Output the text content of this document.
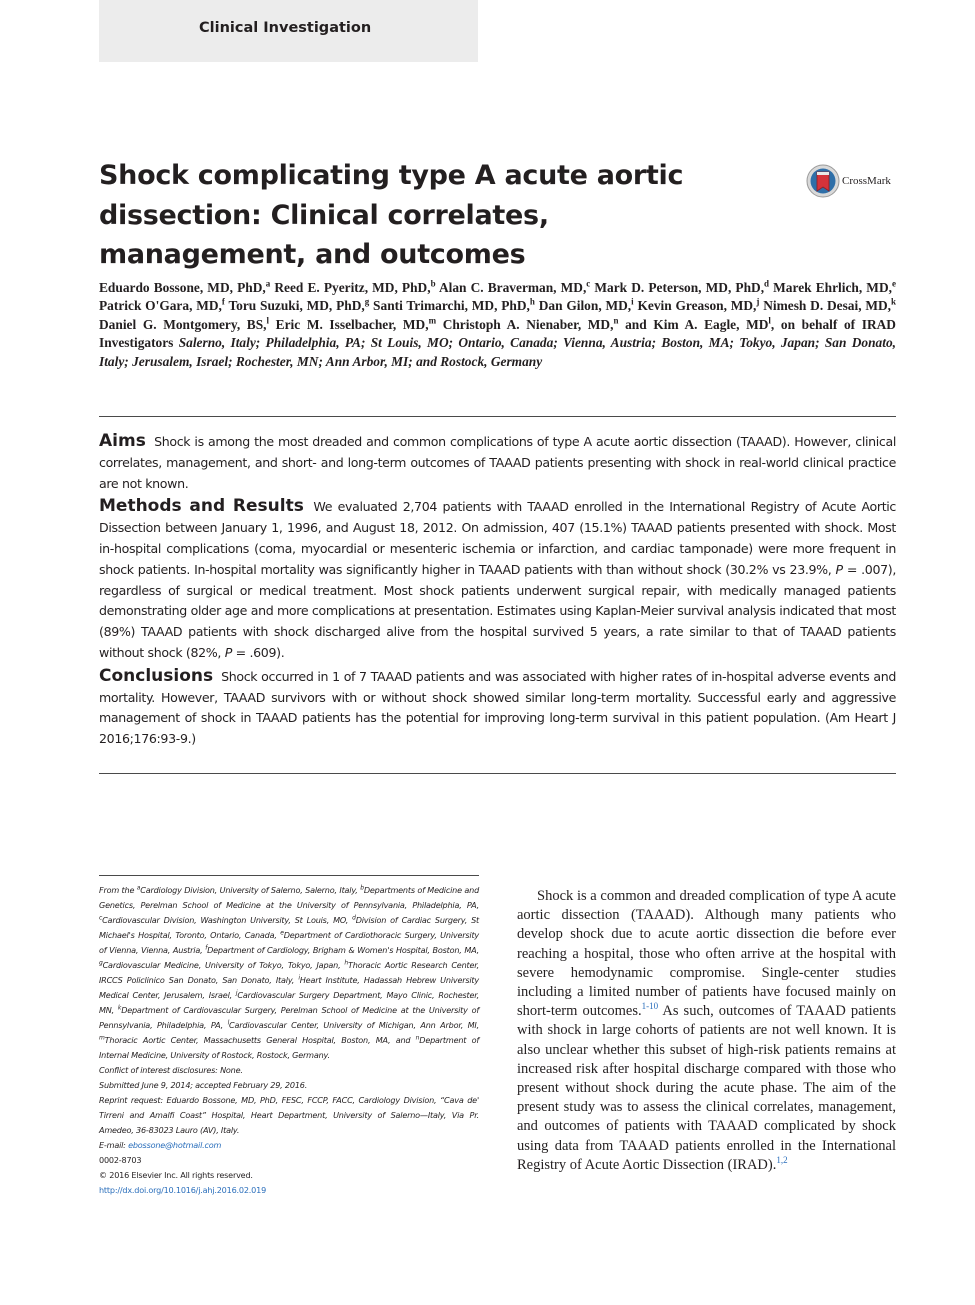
Clinical Investigation
Shock complicating type A acute aortic dissection: Clinical correlates, management, and outcomes
CrossMark

Eduardo Bossone, MD, PhD,$^a$ Reed E. Pyeritz, MD, PhD,$^b$ Alan C. Braverman, MD,$^c$ Mark D. Peterson, MD, PhD,$^d$ Marek Ehrlich, MD,$^e$ Patrick O'Gara, MD,$^f$ Toru Suzuki, MD, PhD,$^g$ Santi Trimarchi, MD, PhD,$^h$ Dan Gilon, MD,$^i$ Kevin Greason, MD,$^j$ Nimesh D. Desai, MD,$^k$ Daniel G. Montgomery, BS,$^l$ Eric M. Isselbacher, MD,$^m$ Christoph A. Nienaber, MD,$^n$ and Kim A. Eagle, $MD^l$, on behalf of IRAD Investigators Salerno, Italy; Philadelphia, PA; St Louis, MO; Ontario, Canada; Vienna, Austria; Boston, MA; Tokyo, Japan; San Donato, Italy; Jerusalem, Israel; Rochester, MN; Ann Arbor, MI; and Rostock, Germany

Aims Shock is among the most dreaded and common complications of type A acute aortic dissection (TAAAD). However, clinical correlates, management, and short- and long-term outcomes of TAAAD patients presenting with shock in real-world clinical practice are not known.

Methods and Results We evaluated 2,704 patients with TAAAD enrolled in the International Registry of Acute Aortic Dissection between January 1, 1996, and August 18, 2012. On admission, 407 (15.1%) TAAAD patients presented with shock. Most in-hospital complications (coma, myocardial or mesenteric ischemia or infarction, and cardiac tamponade) were more frequent in shock patients. In-hospital mortality was significantly higher in TAAAD patients with than without shock (30.2% vs 23.9%, P = .007), regardless of surgical or medical treatment. Most shock patients underwent surgical repair, with medically managed patients demonstrating older age and more complications at presentation. Estimates using Kaplan-Meier survival analysis indicated that most (89%) TAAAD patients with shock discharged alive from the hospital survived 5 years, a rate similar to that of TAAAD patients without shock (82%, P = .609).

Conclusions Shock occurred in 1 of 7 TAAAD patients and was associated with higher rates of in-hospital adverse events and mortality. However, TAAAD survivors with or without shock showed similar long-term mortality. Successful early and aggressive management of shock in TAAAD patients has the potential for improving long-term survival in this patient population. (Am Heart J 2016;176:93-9.)

From the $^a$Cardiology Division, University of Salerno, Salerno, Italy, $^b$Departments of Medicine and Genetics, Perelman School of Medicine at the University of Pennsylvania, Philadelphia, PA, $^c$Cardiovascular Division, Washington University, St Louis, MO, $^d$Division of Cardiac Surgery, St Michael's Hospital, Toronto, Ontario, Canada, $^e$Department of Cardiothoracic Surgery, University of Vienna, Vienna, Austria, $^f$Department of Cardiology, Brigham & Women's Hospital, Boston, MA, $^g$Cardiovascular Medicine, University of Tokyo, Tokyo, Japan, $^h$Thoracic Aortic Research Center, IRCCS Policlinico San Donato, San Donato, Italy, $^i$Heart Institute, Hadassah Hebrew University Medical Center, Jerusalem, Israel, $^j$Cardiovascular Surgery Department, Mayo Clinic, Rochester, MN, $^k$Department of Cardiovascular Surgery, Perelman School of Medicine at the University of Pennsylvania, Philadelphia, PA, $^l$Cardiovascular Center, University of Michigan, Ann Arbor, MI, $^m$Thoracic Aortic Center, Massachusetts General Hospital, Boston, MA, and $^n$Department of Internal Medicine, University of Rostock, Rostock, Germany.

Conflict of interest disclosures: None.

Submitted June 9, 2014; accepted February 29, 2016.

Reprint request: Eduardo Bossone, MD, PhD, FESC, FCCP, FACC, Cardiology Division, “Cava de' Tirreni and Amalfi Coast” Hospital, Heart Department, University of Salerno—Italy, Via Pr. Amedeo, 36-83023 Lauro (AV), Italy.

E-mail: ebossone@hotmail.com

0002-8703

© 2016 Elsevier Inc. All rights reserved.

http://dx.doi.org/10.1016/j.ahj.2016.02.019

Shock is a common and dreaded complication of type A acute aortic dissection (TAAAD). Although many patients who develop shock due to acute aortic dissection die before ever reaching a hospital, those who often arrive at the hospital with severe hemodynamic compromise. Single-center studies including a limited number of patients have focused mainly on short-term outcomes.$^{1-10}$ As such, outcomes of TAAAD patients with shock in large cohorts of patients are not well known. It is also unclear whether this subset of high-risk patients remains at increased risk after hospital discharge compared with those who present without shock during the acute phase. The aim of the present study was to assess the clinical correlates, management, and outcomes of patients with TAAAD complicated by shock using data from TAAAD patients enrolled in the International Registry of Acute Aortic Dissection (IRAD).$^{1,2}$
